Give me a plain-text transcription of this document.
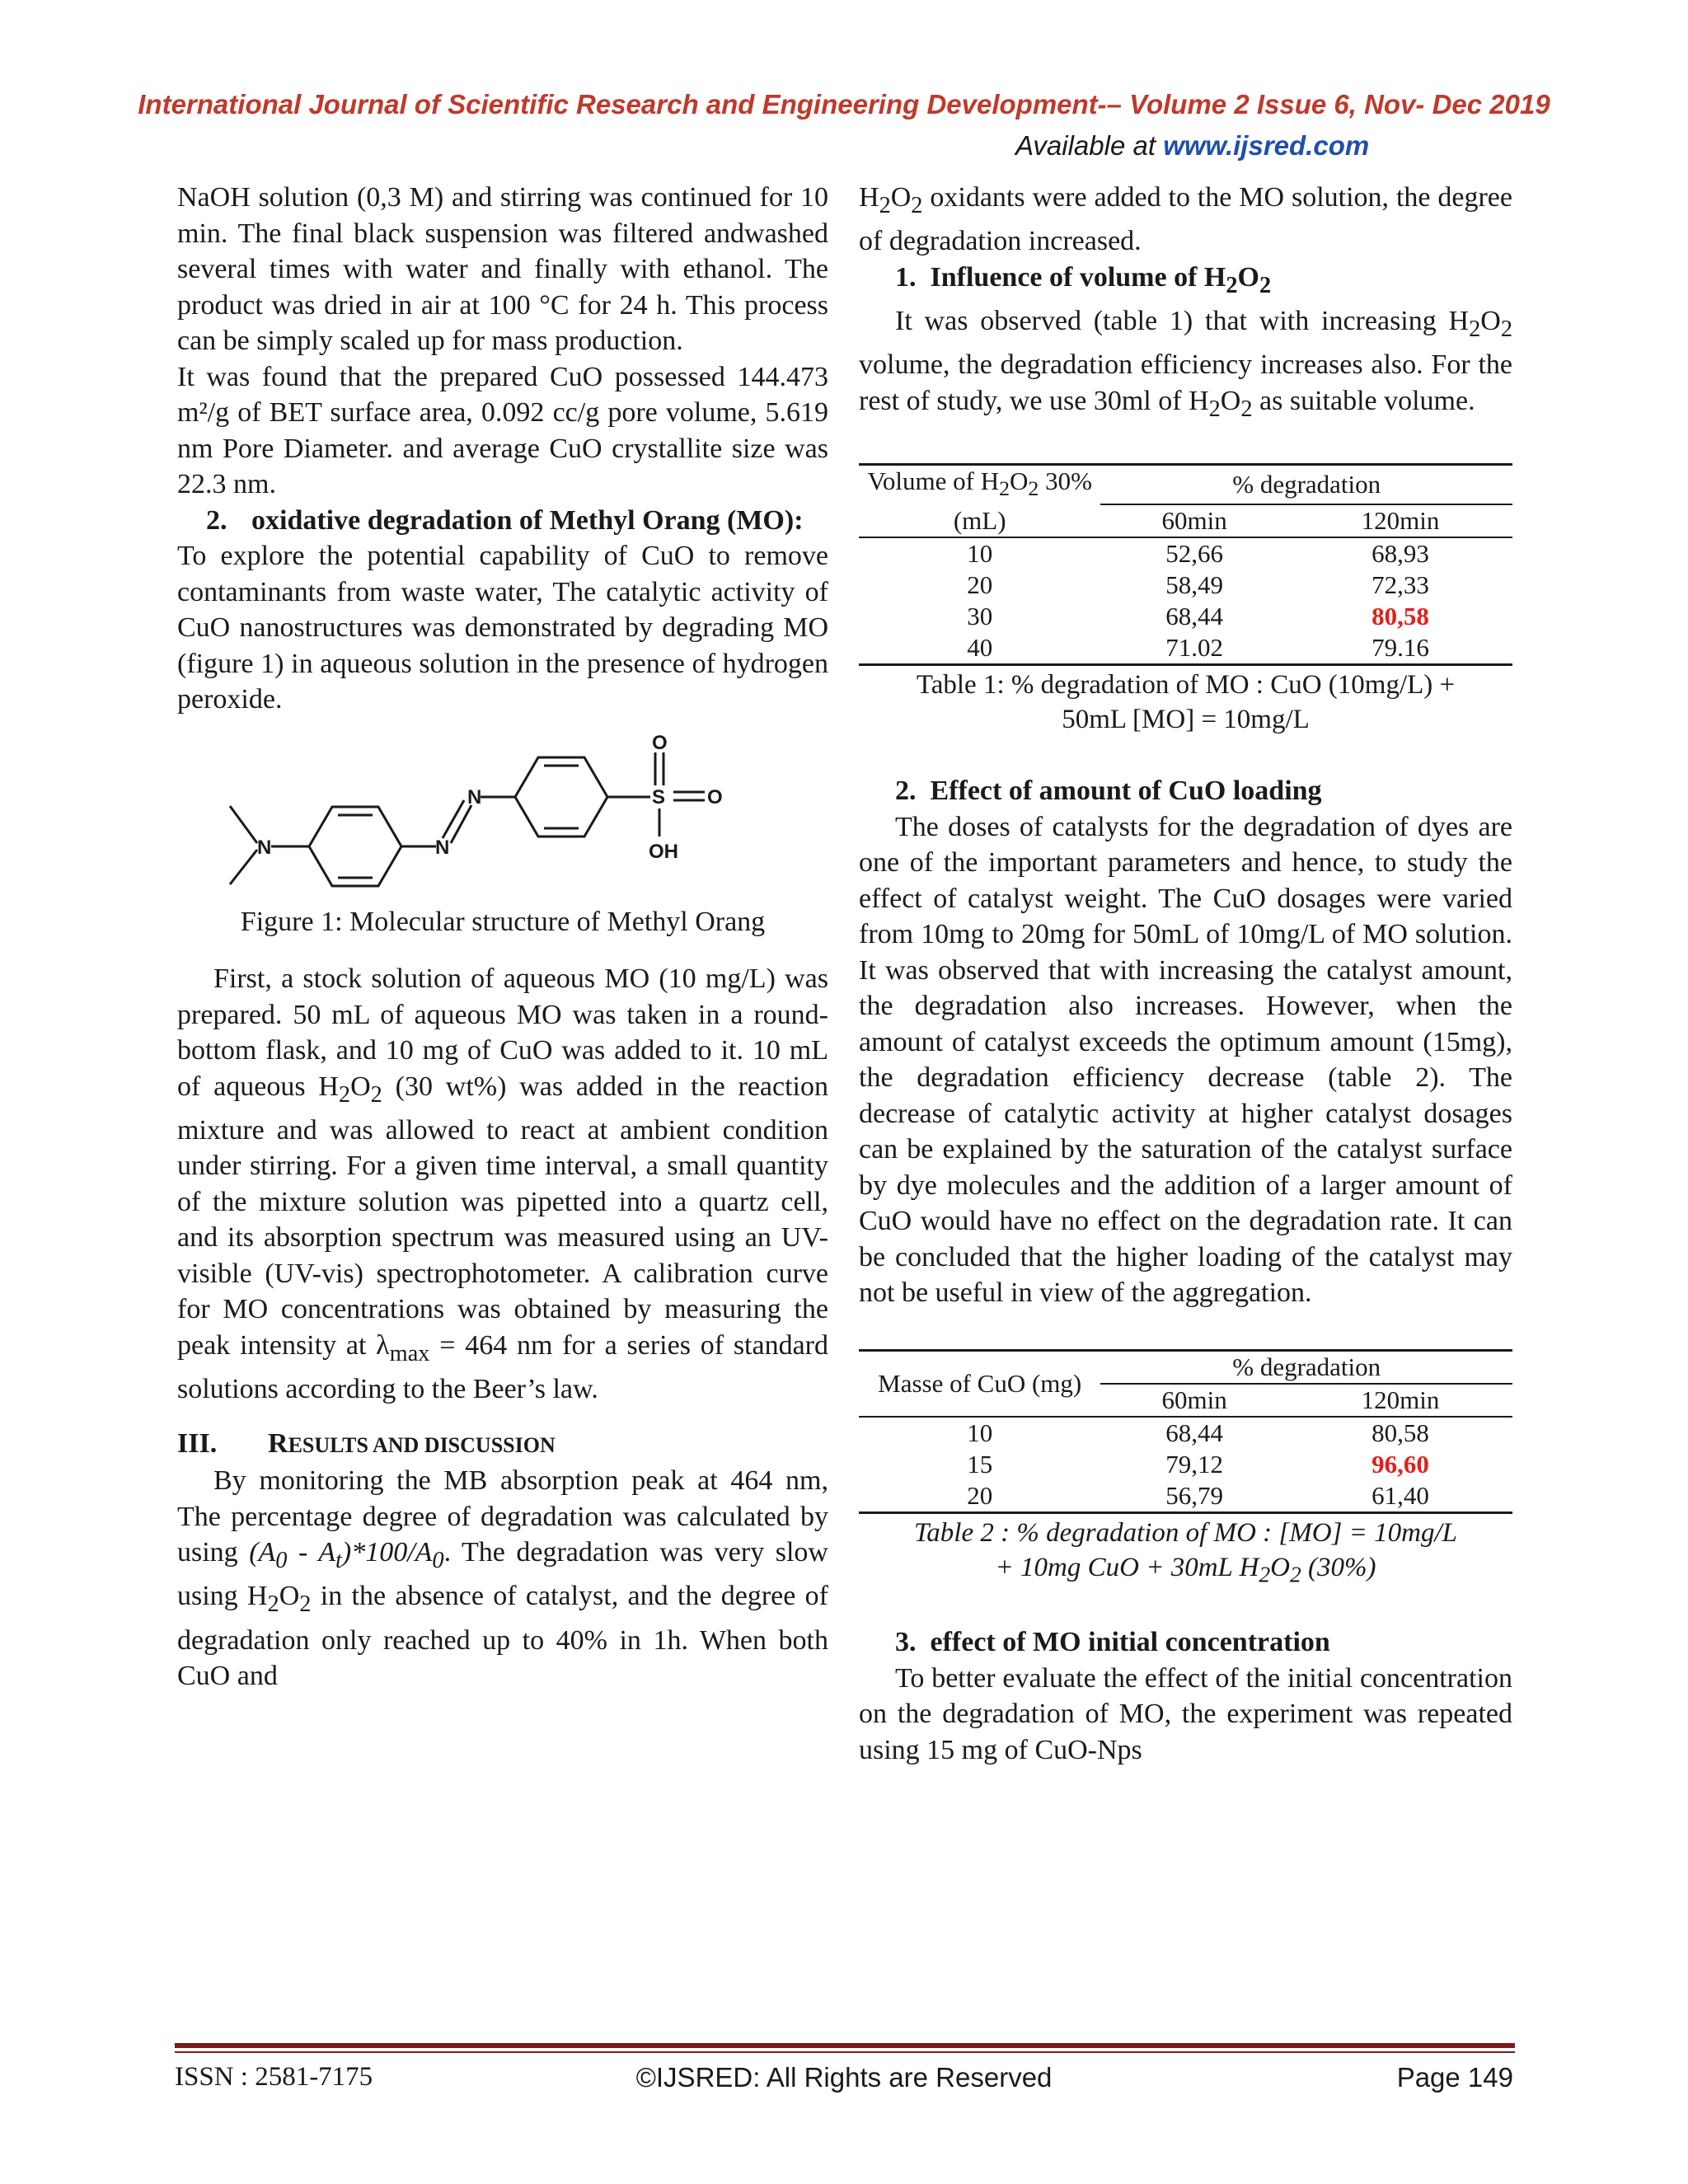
International Journal of Scientific Research and Engineering Development-– Volume 2 Issue 6, Nov- Dec 2019
Available at www.ijsred.com

NaOH solution (0,3 M) and stirring was continued for 10 min. The final black suspension was filtered andwashed several times with water and finally with ethanol. The product was dried in air at 100 °C for 24 h. This process can be simply scaled up for mass production.

It was found that the prepared CuO possessed 144.473 m²/g of BET surface area, 0.092 cc/g pore volume, 5.619 nm Pore Diameter. and average CuO crystallite size was 22.3 nm.

2. oxidative degradation of Methyl Orang (MO):

To explore the potential capability of CuO to remove contaminants from waste water, The catalytic activity of CuO nanostructures was demonstrated by degrading MO (figure 1) in aqueous solution in the presence of hydrogen peroxide.

N	N
N	S
O
O
OH

Figure 1: Molecular structure of Methyl Orang

First, a stock solution of aqueous MO (10 mg/L) was prepared. 50 mL of aqueous MO was taken in a round-bottom flask, and 10 mg of CuO was added to it. 10 mL of aqueous $H_2O_2$ (30 wt%) was added in the reaction mixture and was allowed to react at ambient condition under stirring. For a given time interval, a small quantity of the mixture solution was pipetted into a quartz cell, and its absorption spectrum was measured using an UV-visible (UV-vis) spectrophotometer. A calibration curve for MO concentrations was obtained by measuring the peak intensity at $\lambda_{max} = 464$ nm for a series of standard solutions according to the Beer’s law.

III.	RESULTS AND DISCUSSION

By monitoring the MB absorption peak at 464 nm, The percentage degree of degradation was calculated by using $(A_0 - A_t)*100/A_0$. The degradation was very slow using $H_2O_2$ in the absence of catalyst, and the degree of degradation only reached up to 40% in 1h. When both CuO and

$H_2O_2$ oxidants were added to the MO solution, the degree of degradation increased.

1. Influence of volume of $H_2O_2$

It was observed (table 1) that with increasing $H_2O_2$ volume, the degradation efficiency increases also. For the rest of study, we use 30ml of $H_2O_2$ as suitable volume.

Volume of $H_2O_2$ 30%	% degradation	
(mL)	60min	120min
10	52,66	68,93
20	58,49	72,33
30	68,44	80,58
40	71.02	79.16
Table 1: % degradation of MO : CuO (10mg/L) +
50mL [MO] = 10mg/L

2. Effect of amount of CuO loading

The doses of catalysts for the degradation of dyes are one of the important parameters and hence, to study the effect of catalyst weight. The CuO dosages were varied from 10mg to 20mg for 50mL of 10mg/L of MO solution. It was observed that with increasing the catalyst amount, the degradation also increases. However, when the amount of catalyst exceeds the optimum amount (15mg), the degradation efficiency decrease (table 2). The decrease of catalytic activity at higher catalyst dosages can be explained by the saturation of the catalyst surface by dye molecules and the addition of a larger amount of CuO would have no effect on the degradation rate. It can be concluded that the higher loading of the catalyst may not be useful in view of the aggregation.

Masse of CuO (mg)	% degradation	
	60min	120min
10	68,44	80,58
15	79,12	96,60
20	56,79	61,40
Table 2 : % degradation of MO : [MO] = 10mg/L
+ 10mg CuO + 30mL $H_2O_2$ (30%)

3. effect of MO initial concentration

To better evaluate the effect of the initial concentration on the degradation of MO, the experiment was repeated using 15 mg of CuO-Nps

ISSN : 2581-7175	©IJSRED: All Rights are Reserved	Page 149
